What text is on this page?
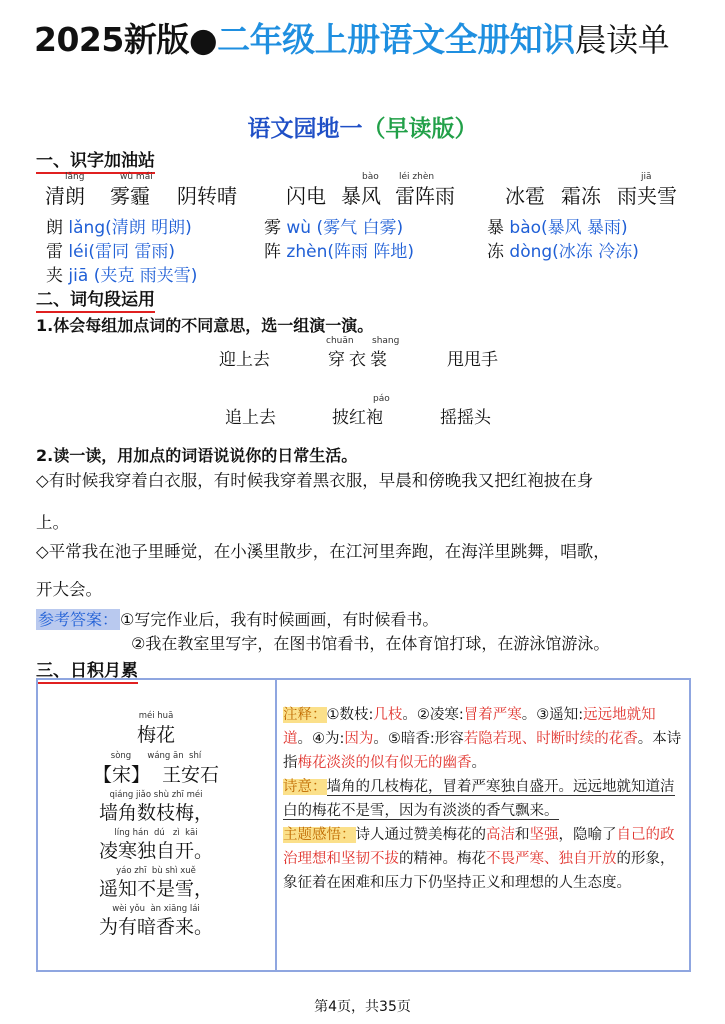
2025新版●二年级上册语文全册知识晨读单
语文园地一（早读版）
一、识字加油站
lǎng
清朗
wù mái
雾霾 阴转晴 闪电
bào
暴风
léi zhèn
雷阵雨	冰雹 霜冻
jiā
雨夹雪
朗 lǎng(清朗 明朗)	雾 wù (雾气 白雾)	暴 bào(暴风 暴雨)
雷 léi(雷同 雷雨)	阵 zhèn(阵雨 阵地)	冻 dòng(冰冻 冷冻)
夹 jiā (夹克 雨夹雪)
二、词句段运用
1.体会每组加点词的不同意思，选一组演一演。
chuān shang
迎上去	穿衣裳	甩甩手
páo
追上去	披红袍	摇摇头
2.读一读，用加点的词语说说你的日常生活。
◇有时候我穿着白衣服，有时候我穿着黑衣服，早晨和傍晚我又把红袍披在身
上。
◇平常我在池子里睡觉，在小溪里散步，在江河里奔跑，在海洋里跳舞，唱歌，
开大会。
参考答案： ①写完作业后，我有时候画画，有时候看书。
②我在教室里写字，在图书馆看书，在体育馆打球，在游泳馆游泳。
三、日积月累
méi huā
梅花
sòng      wáng ān  shí
【宋】  王安石
qiáng jiǎo shù zhī méi
墙角数枝梅，
líng hán  dú   zì  kāi
凌寒独自开。
yáo zhī  bù shì xuě
遥知不是雪，
wèi yǒu  àn xiāng lái
为有暗香来。
注释：①数枝:几枝。②凌寒:冒着严寒。③遥知:远远地就知道。④为:因为。⑤暗香:形容若隐若现、时断时续的花香。本诗指梅花淡淡的似有似无的幽香。
诗意：墙角的几枝梅花，冒着严寒独自盛开。远远地就知道洁白的梅花不是雪，因为有淡淡的香气飘来。
主题感悟：诗人通过赞美梅花的高洁和坚强，隐喻了自己的政治理想和坚韧不拔的精神。梅花不畏严寒、独自开放的形象，象征着在困难和压力下仍坚持正义和理想的人生态度。
第4页，共35页
